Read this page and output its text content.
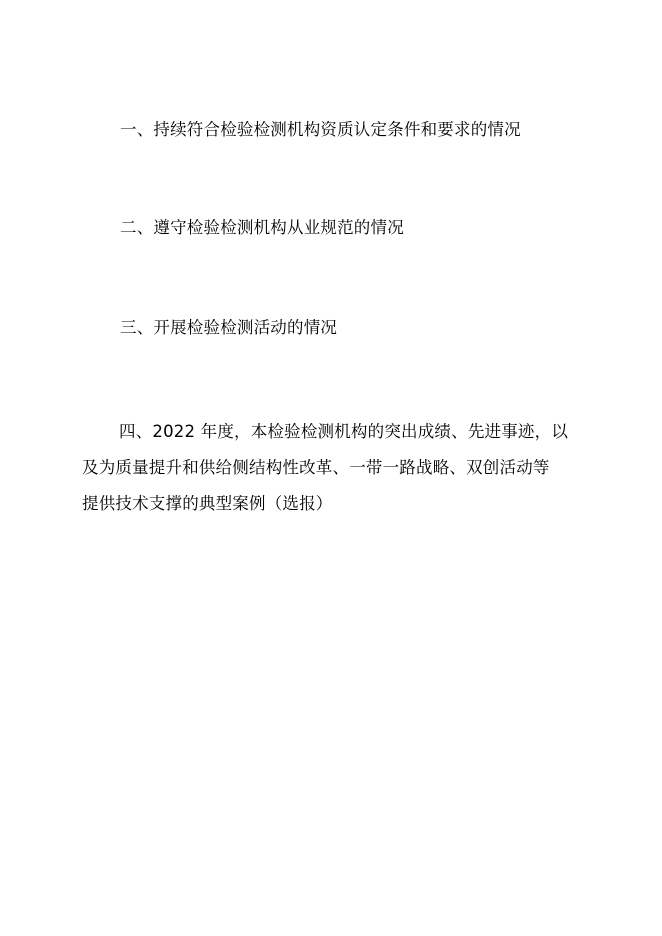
一、持续符合检验检测机构资质认定条件和要求的情况
二、遵守检验检测机构从业规范的情况
三、开展检验检测活动的情况
四、2022 年度，本检验检测机构的突出成绩、先进事迹，以
及为质量提升和供给侧结构性改革、一带一路战略、双创活动等
提供技术支撑的典型案例（选报）
